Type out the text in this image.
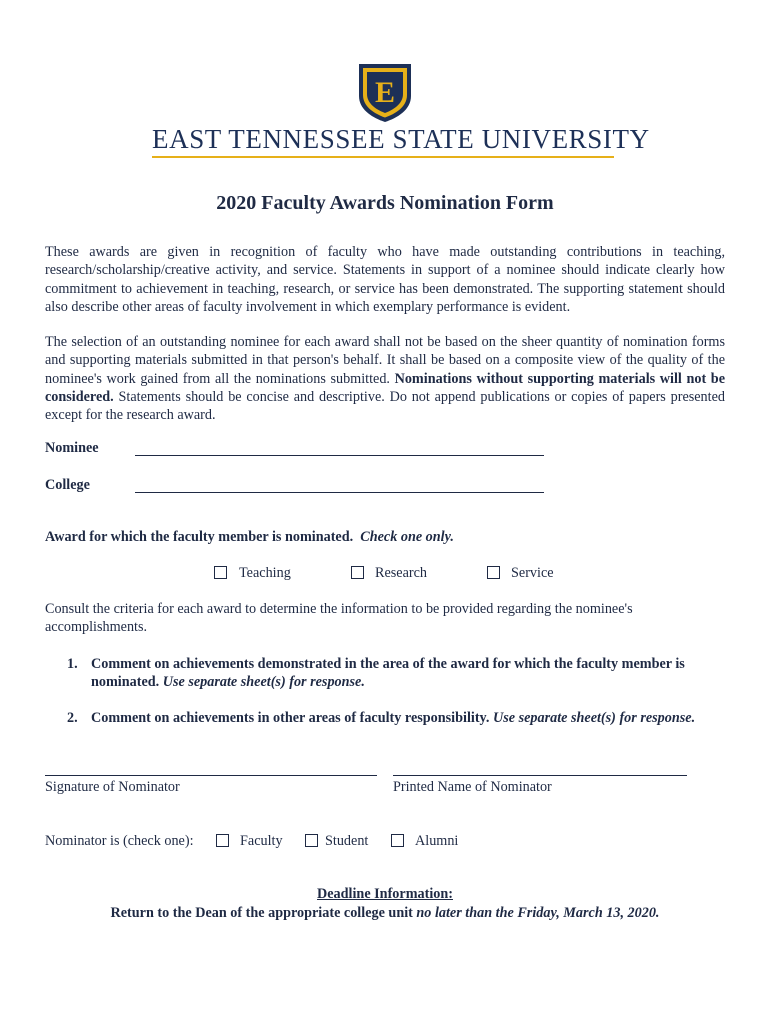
E
EAST TENNESSEE STATE UNIVERSITY
2020 Faculty Awards Nomination Form
These awards are given in recognition of faculty who have made outstanding contributions in teaching, research/scholarship/creative activity, and service. Statements in support of a nominee should indicate clearly how commitment to achievement in teaching, research, or service has been demonstrated. The supporting statement should also describe other areas of faculty involvement in which exemplary performance is evident.
The selection of an outstanding nominee for each award shall not be based on the sheer quantity of nomination forms and supporting materials submitted in that person's behalf. It shall be based on a composite view of the quality of the nominee's work gained from all the nominations submitted. Nominations without supporting materials will not be considered. Statements should be concise and descriptive. Do not append publications or copies of papers presented except for the research award.
Nominee
College
Award for which the faculty member is nominated. Check one only.
Teaching	Research	Service
Consult the criteria for each award to determine the information to be provided regarding the nominee's accomplishments.
1. Comment on achievements demonstrated in the area of the award for which the faculty member is nominated. Use separate sheet(s) for response.
2. Comment on achievements in other areas of faculty responsibility. Use separate sheet(s) for response.
Signature of Nominator	Printed Name of Nominator
Nominator is (check one):	Faculty	Student	Alumni
Deadline Information:
Return to the Dean of the appropriate college unit no later than the Friday, March 13, 2020.
